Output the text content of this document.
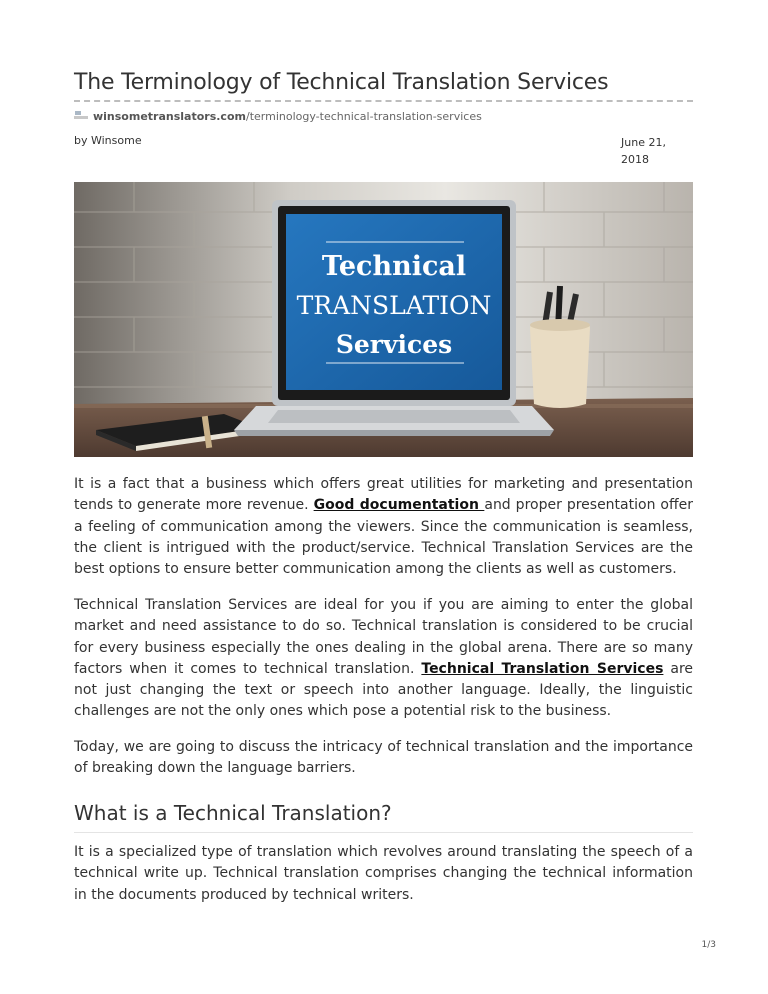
The Terminology of Technical Translation Services
winsometranslators.com/terminology-technical-translation-services
by Winsome	June 21, 2018
Technical
TRANSLATION
Services

It is a fact that a business which offers great utilities for marketing and presentation tends to generate more revenue. Good documentation and proper presentation offer a feeling of communication among the viewers. Since the communication is seamless, the client is intrigued with the product/service. Technical Translation Services are the best options to ensure better communication among the clients as well as customers.

Technical Translation Services are ideal for you if you are aiming to enter the global market and need assistance to do so. Technical translation is considered to be crucial for every business especially the ones dealing in the global arena. There are so many factors when it comes to technical translation. Technical Translation Services are not just changing the text or speech into another language. Ideally, the linguistic challenges are not the only ones which pose a potential risk to the business.

Today, we are going to discuss the intricacy of technical translation and the importance of breaking down the language barriers.

What is a Technical Translation?

It is a specialized type of translation which revolves around translating the speech of a technical write up. Technical translation comprises changing the technical information in the documents produced by technical writers.

1/3
